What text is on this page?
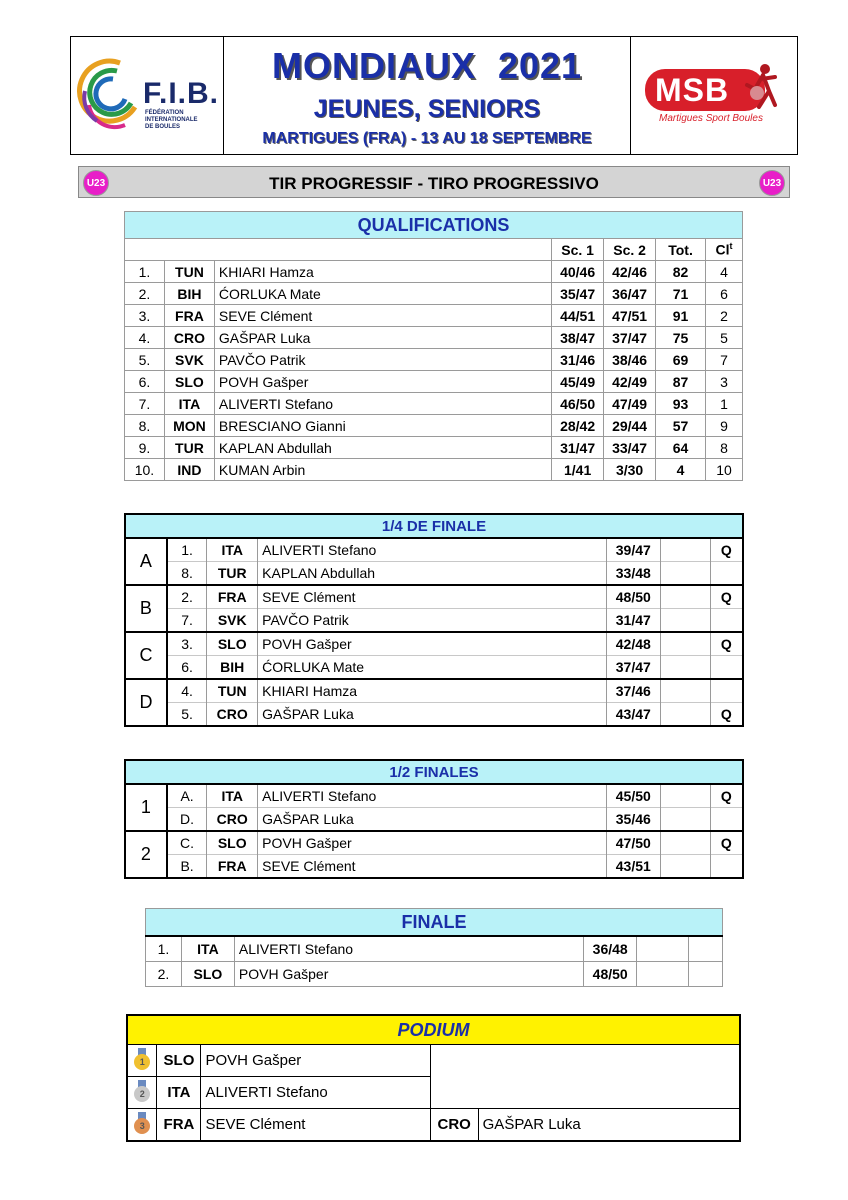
F.I.B.
FÉDÉRATION INTERNATIONALE DE BOULES
MONDIAUX  2021
JEUNES, SENIORS
MARTIGUES (FRA) - 13 AU 18 SEPTEMBRE
MSB
Martigues Sport Boules
U23	TIR PROGRESSIF - TIRO PROGRESSIVO	U23
QUALIFICATIONS						
			Sc. 1	Sc. 2	Tot.	Cl$^t$
1.	TUN	KHIARI Hamza	40/46	42/46	82	4
2.	BIH	ĆORLUKA Mate	35/47	36/47	71	6
3.	FRA	SEVE Clément	44/51	47/51	91	2
4.	CRO	GAŠPAR Luka	38/47	37/47	75	5
5.	SVK	PAVČO Patrik	31/46	38/46	69	7
6.	SLO	POVH Gašper	45/49	42/49	87	3
7.	ITA	ALIVERTI Stefano	46/50	47/49	93	1
8.	MON	BRESCIANO Gianni	28/42	29/44	57	9
9.	TUR	KAPLAN Abdullah	31/47	33/47	64	8
10.	IND	KUMAN Arbin	1/41	3/30	4	10
1/4 DE FINALE						
A	1.	ITA	ALIVERTI Stefano	39/47		Q
	8.	TUR	KAPLAN Abdullah	33/48		
B	2.	FRA	SEVE Clément	48/50		Q
	7.	SVK	PAVČO Patrik	31/47		
C	3.	SLO	POVH Gašper	42/48		Q
	6.	BIH	ĆORLUKA Mate	37/47		
D	4.	TUN	KHIARI Hamza	37/46		
	5.	CRO	GAŠPAR Luka	43/47		Q
1/2 FINALES						
1	A.	ITA	ALIVERTI Stefano	45/50		Q
	D.	CRO	GAŠPAR Luka	35/46		
2	C.	SLO	POVH Gašper	47/50		Q
	B.	FRA	SEVE Clément	43/51		
FINALE					
1.	ITA	ALIVERTI Stefano	36/48		
2.	SLO	POVH Gašper	48/50		
PODIUM				

1	SLO	POVH Gašper		

2	ITA	ALIVERTI Stefano		

3	FRA	SEVE Clément	CRO	GAŠPAR Luka
